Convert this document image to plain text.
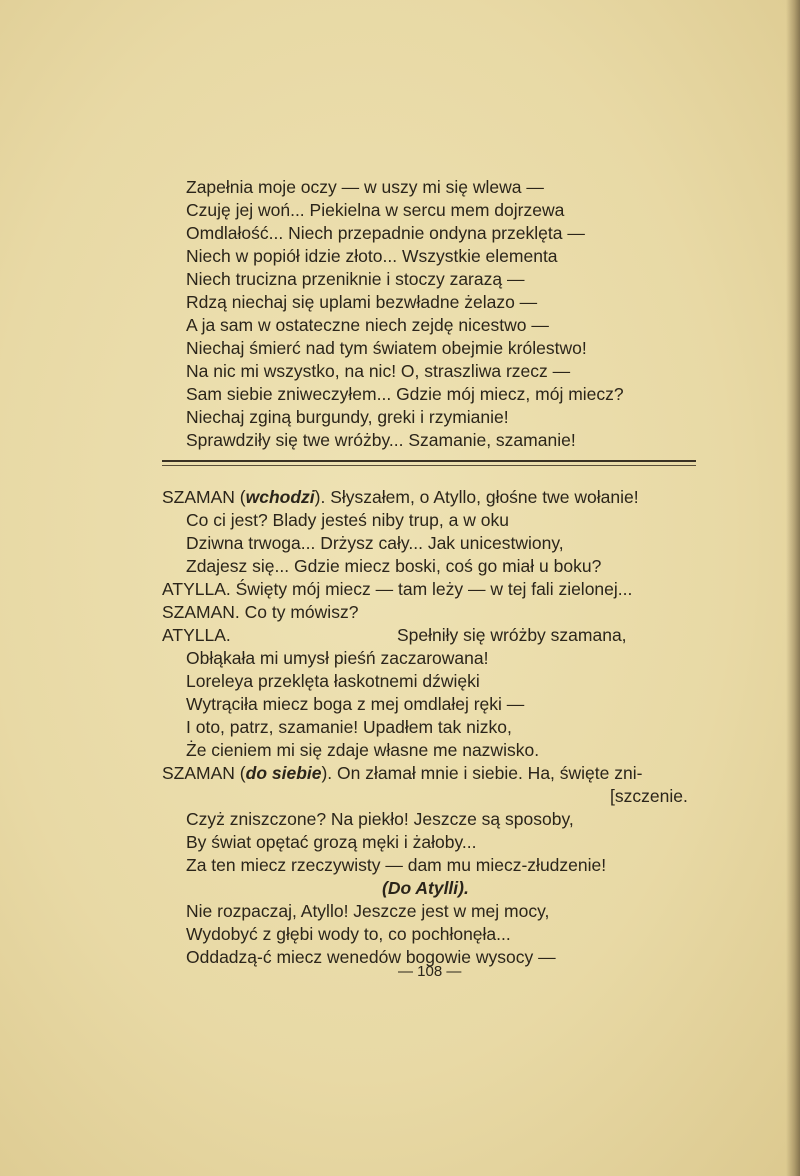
Zapełnia moje oczy — w uszy mi się wlewa —
Czuję jej woń... Piekielna w sercu mem dojrzewa
Omdlałość... Niech przepadnie ondyna przeklęta —
Niech w popiół idzie złoto... Wszystkie elementa
Niech trucizna przeniknie i stoczy zarazą —
Rdzą niechaj się uplami bezwładne żelazo —
A ja sam w ostateczne niech zejdę nicestwo —
Niechaj śmierć nad tym światem obejmie królestwo!
Na nic mi wszystko, na nic! O, straszliwa rzecz —
Sam siebie zniweczyłem... Gdzie mój miecz, mój miecz?
Niechaj zginą burgundy, greki i rzymianie!
Sprawdziły się twe wróżby... Szamanie, szamanie!
SZAMAN (wchodzi). Słyszałem, o Atyllo, głośne twe wołanie!
Co ci jest? Blady jesteś niby trup, a w oku
Dziwna trwoga... Drżysz cały... Jak unicestwiony,
Zdajesz się... Gdzie miecz boski, coś go miał u boku?
ATYLLA. Święty mój miecz — tam leży — w tej fali zielonej...
SZAMAN. Co ty mówisz?
ATYLLA.	Spełniły się wróżby szamana,
Obłąkała mi umysł pieśń zaczarowana!
Loreleya przeklęta łaskotnemi dźwięki
Wytrąciła miecz boga z mej omdlałej ręki —
I oto, patrz, szamanie! Upadłem tak nizko,
Że cieniem mi się zdaje własne me nazwisko.
SZAMAN (do siebie). On złamał mnie i siebie. Ha, święte zni-
[szczenie.
Czyż zniszczone? Na piekło! Jeszcze są sposoby,
By świat opętać grozą męki i żałoby...
Za ten miecz rzeczywisty — dam mu miecz-złudzenie!
(Do Atylli).
Nie rozpaczaj, Atyllo! Jeszcze jest w mej mocy,
Wydobyć z głębi wody to, co pochłonęła...
Oddadzą-ć miecz wenedów bogowie wysocy —
— 108 —
